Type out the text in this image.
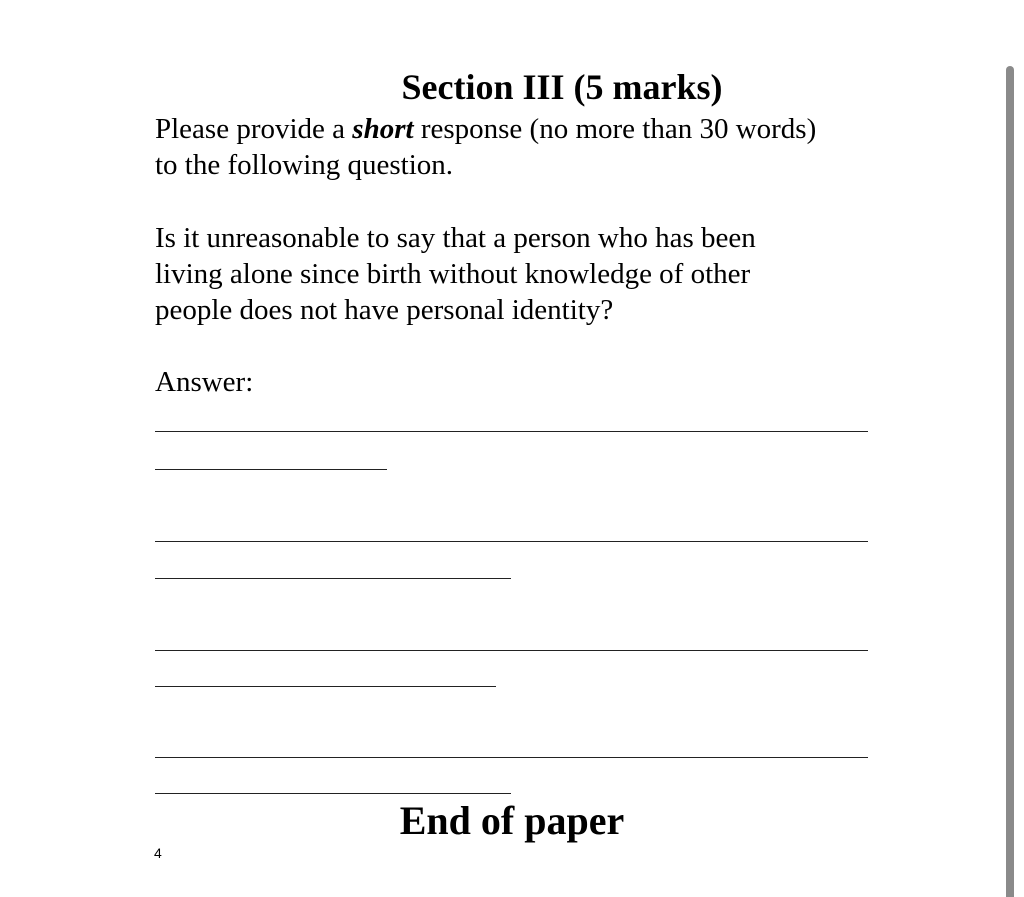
Section III (5 marks)
Please provide a short response (no more than 30 words)
to the following question.
Is it unreasonable to say that a person who has been
living alone since birth without knowledge of other
people does not have personal identity?
Answer:
End of paper
4
